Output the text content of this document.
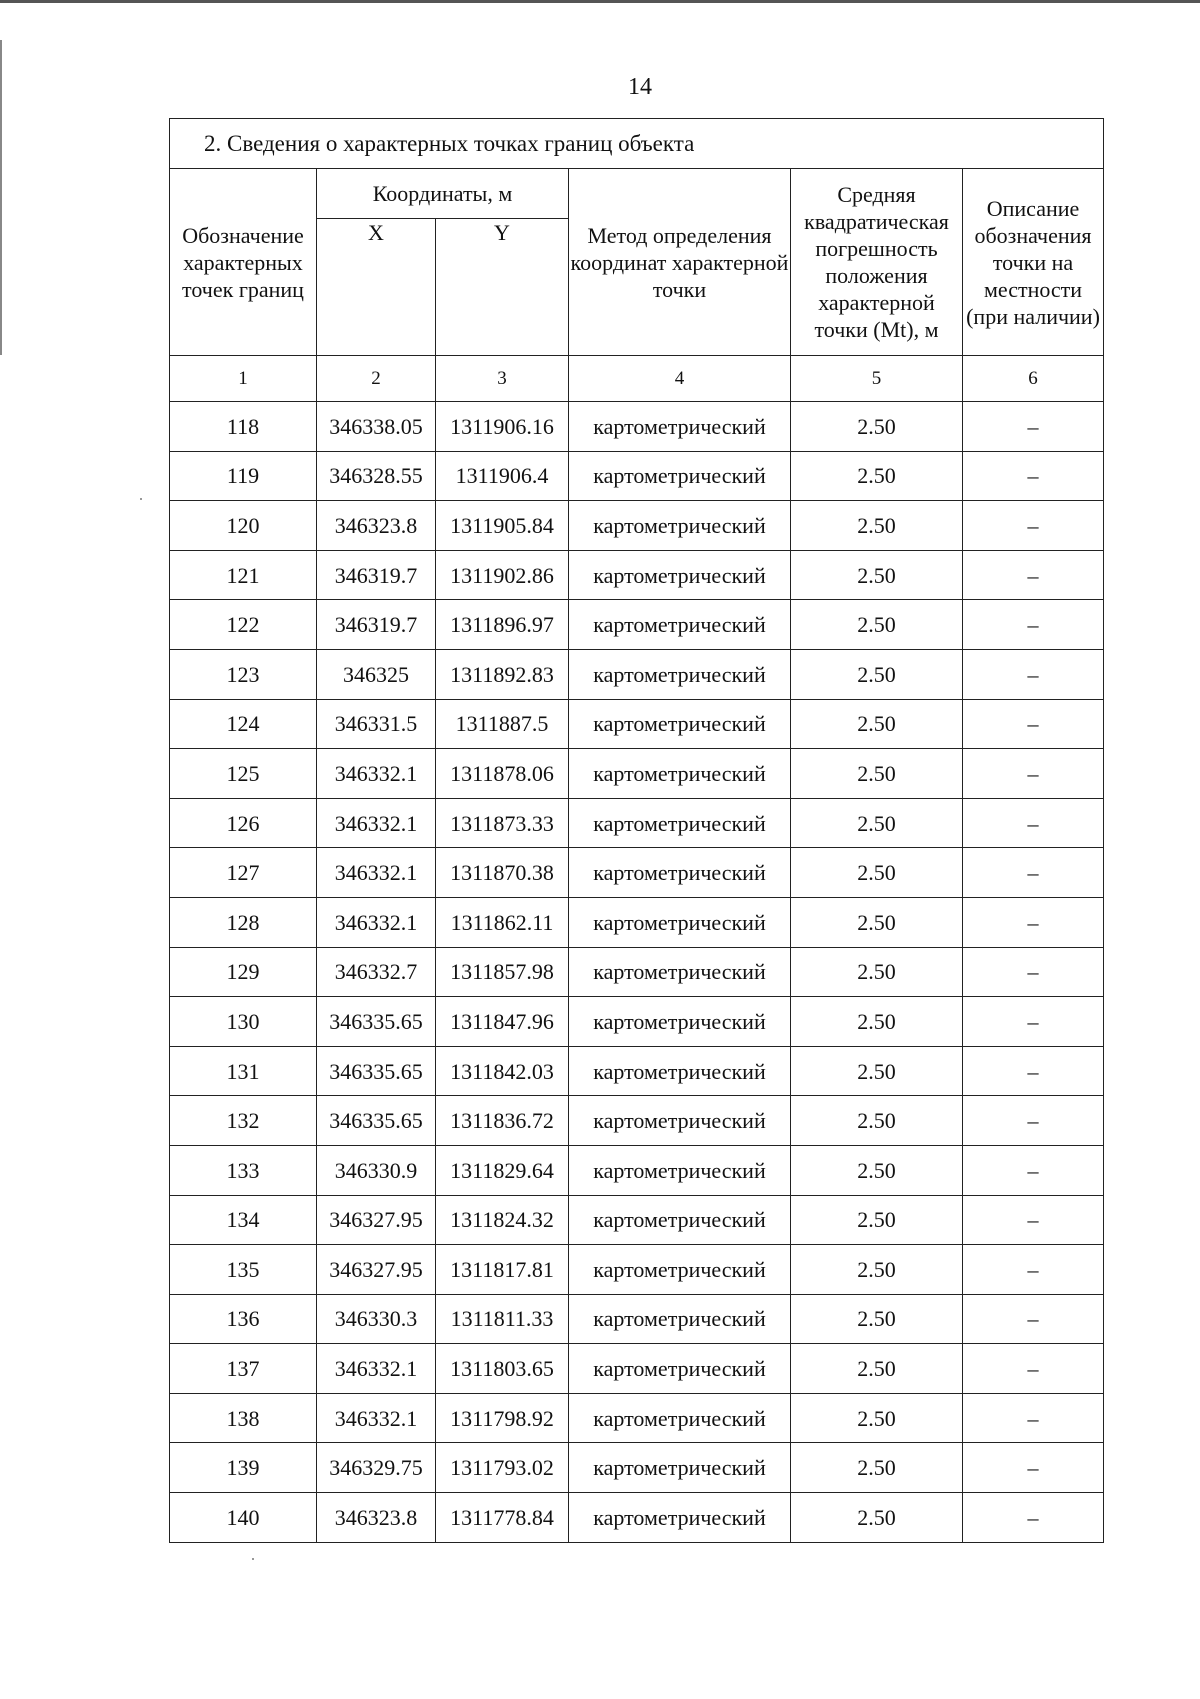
14
2. Сведения о характерных точках границ объекта					
Обозначение характерных точек границ	Координаты, м		Метод определения координат характерной точки	Средняя квадратическая погрешность положения характерной точки (Mt), м	Описание обозначения точки на местности (при наличии)
	X	Y			
1	2	3	4	5	6
118	346338.05	1311906.16	картометрический	2.50	–
119	346328.55	1311906.4	картометрический	2.50	–
120	346323.8	1311905.84	картометрический	2.50	–
121	346319.7	1311902.86	картометрический	2.50	–
122	346319.7	1311896.97	картометрический	2.50	–
123	346325	1311892.83	картометрический	2.50	–
124	346331.5	1311887.5	картометрический	2.50	–
125	346332.1	1311878.06	картометрический	2.50	–
126	346332.1	1311873.33	картометрический	2.50	–
127	346332.1	1311870.38	картометрический	2.50	–
128	346332.1	1311862.11	картометрический	2.50	–
129	346332.7	1311857.98	картометрический	2.50	–
130	346335.65	1311847.96	картометрический	2.50	–
131	346335.65	1311842.03	картометрический	2.50	–
132	346335.65	1311836.72	картометрический	2.50	–
133	346330.9	1311829.64	картометрический	2.50	–
134	346327.95	1311824.32	картометрический	2.50	–
135	346327.95	1311817.81	картометрический	2.50	–
136	346330.3	1311811.33	картометрический	2.50	–
137	346332.1	1311803.65	картометрический	2.50	–
138	346332.1	1311798.92	картометрический	2.50	–
139	346329.75	1311793.02	картометрический	2.50	–
140	346323.8	1311778.84	картометрический	2.50	–
